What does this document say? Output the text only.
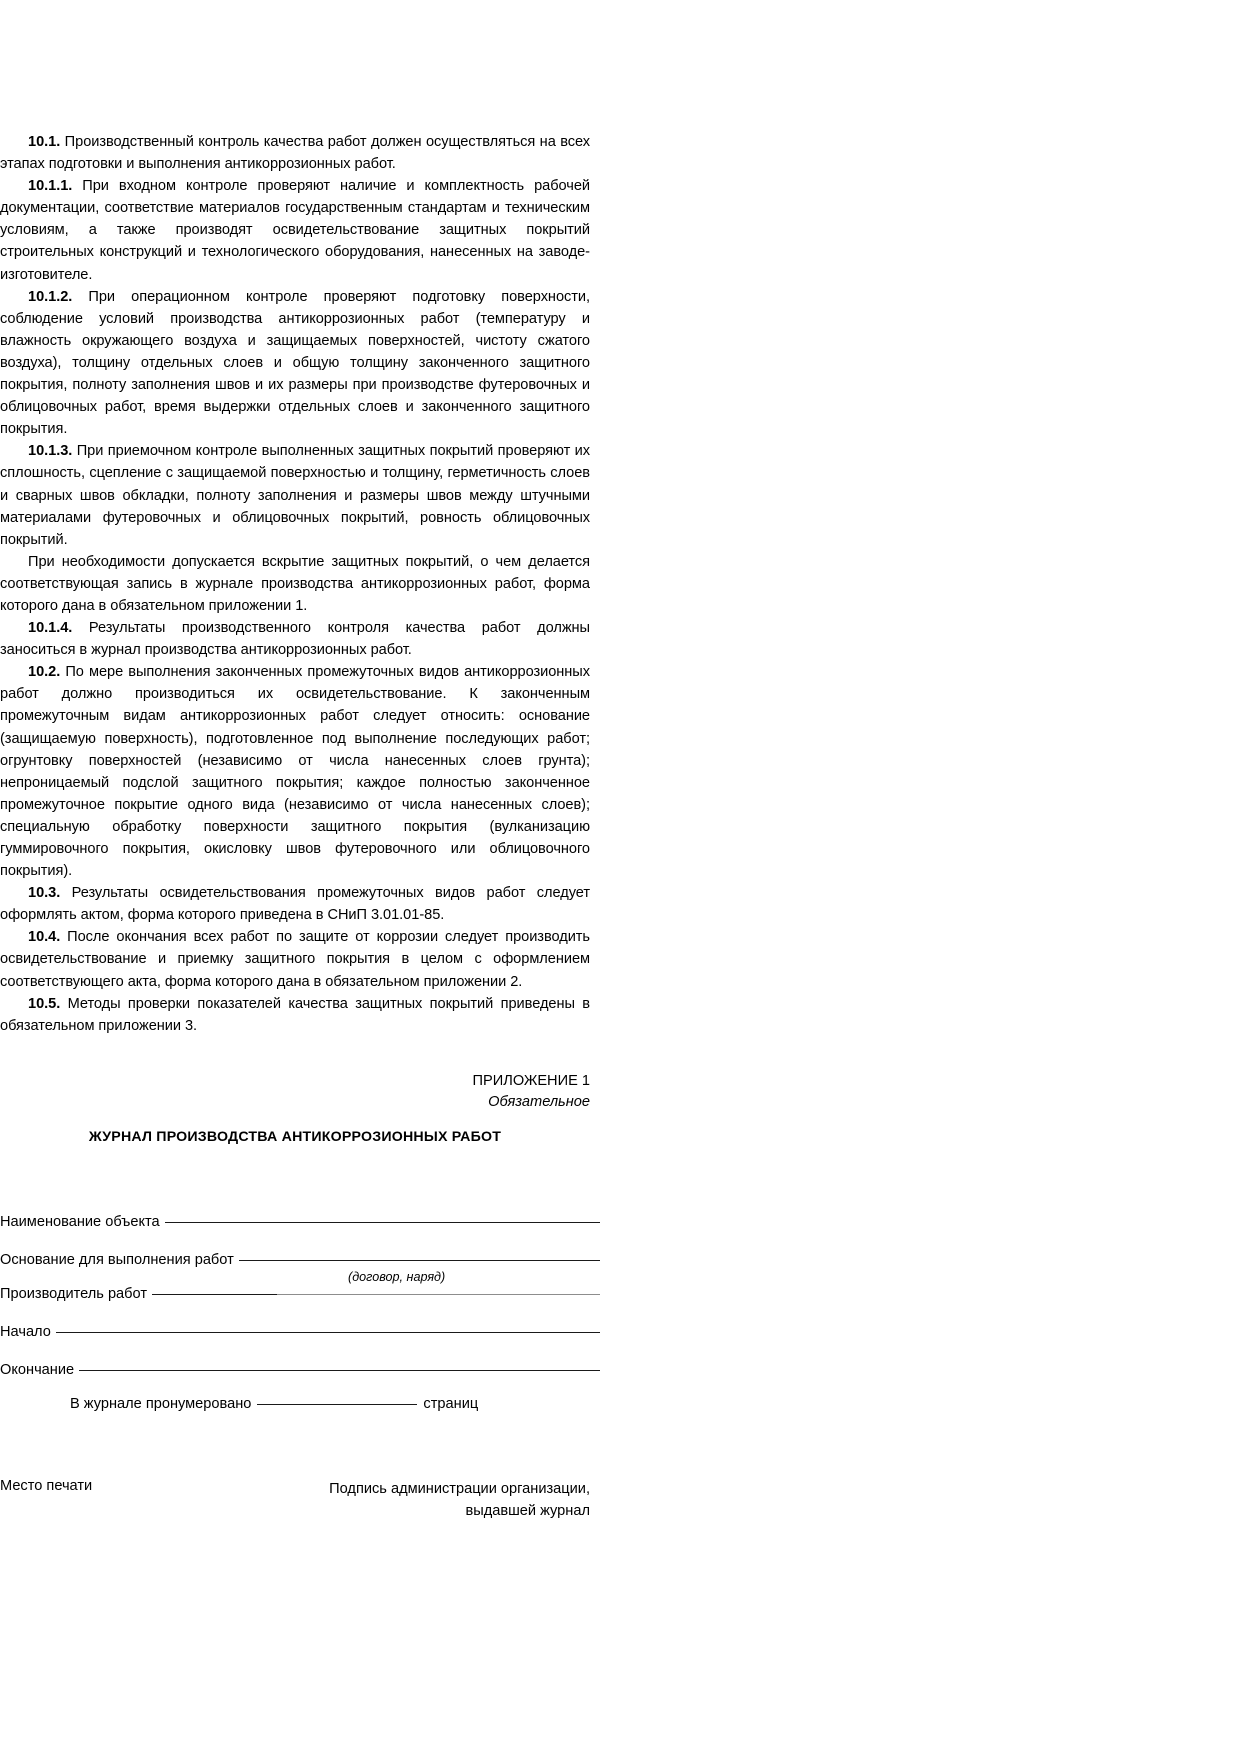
10.1. Производственный контроль качества работ должен осуществляться на всех этапах подготовки и выполнения антикоррозионных работ.

10.1.1. При входном контроле проверяют наличие и комплектность рабочей документации, соответствие материалов государственным стандартам и техническим условиям, а также производят освидетельствование защитных покрытий строительных конструкций и технологического оборудования, нанесенных на заводе-изготовителе.

10.1.2. При операционном контроле проверяют подготовку поверхности, соблюдение условий производства антикоррозионных работ (температуру и влажность окружающего воздуха и защищаемых поверхностей, чистоту сжатого воздуха), толщину отдельных слоев и общую толщину законченного защитного покрытия, полноту заполнения швов и их размеры при производстве футеровочных и облицовочных работ, время выдержки отдельных слоев и законченного защитного покрытия.

10.1.3. При приемочном контроле выполненных защитных покрытий проверяют их сплошность, сцепление с защищаемой поверхностью и толщину, герметичность слоев и сварных швов обкладки, полноту заполнения и размеры швов между штучными материалами футеровочных и облицовочных покрытий, ровность облицовочных покрытий.

При необходимости допускается вскрытие защитных покрытий, о чем делается соответствующая запись в журнале производства антикоррозионных работ, форма которого дана в обязательном приложении 1.

10.1.4. Результаты производственного контроля качества работ должны заноситься в журнал производства антикоррозионных работ.

10.2. По мере выполнения законченных промежуточных видов антикоррозионных работ должно производиться их освидетельствование. К законченным промежуточным видам антикоррозионных работ следует относить: основание (защищаемую поверхность), подготовленное под выполнение последующих работ; огрунтовку поверхностей (независимо от числа нанесенных слоев грунта); непроницаемый подслой защитного покрытия; каждое полностью законченное промежуточное покрытие одного вида (независимо от числа нанесенных слоев); специальную обработку поверхности защитного покрытия (вулканизацию гуммировочного покрытия, окисловку швов футеровочного или облицовочного покрытия).

10.3. Результаты освидетельствования промежуточных видов работ следует оформлять актом, форма которого приведена в СНиП 3.01.01-85.

10.4. После окончания всех работ по защите от коррозии следует производить освидетельствование и приемку защитного покрытия в целом с оформлением соответствующего акта, форма которого дана в обязательном приложении 2.

10.5. Методы проверки показателей качества защитных покрытий приведены в обязательном приложении 3.

ПРИЛОЖЕНИЕ 1
Обязательное
ЖУРНАЛ ПРОИЗВОДСТВА АНТИКОРРОЗИОННЫХ РАБОТ
Наименование объекта
Основание для выполнения работ
(договор, наряд)
Производитель работ
Начало
Окончание
В журнале пронумеровано	страниц
Место печати	Подпись администрации организации,
выдавшей журнал
